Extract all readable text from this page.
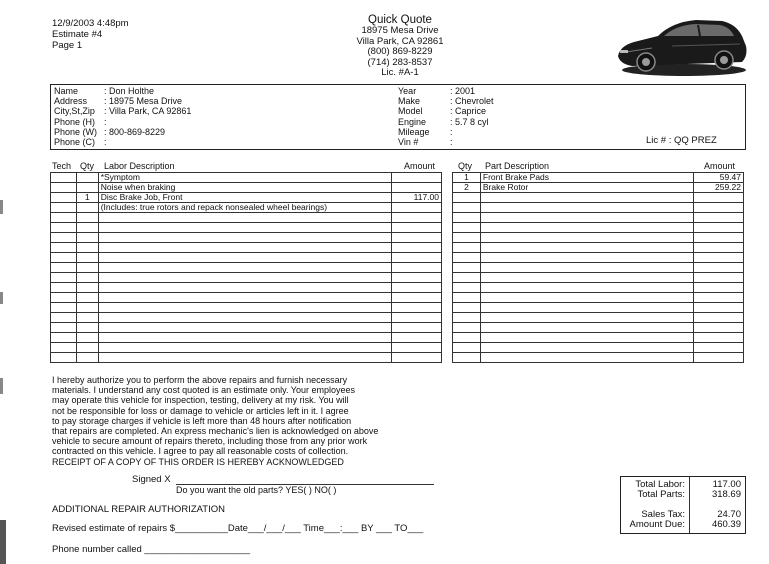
12/9/2003 4:48pm
Estimate #4
Page 1
Quick Quote
18975 Mesa Drive
Villa Park, CA 92861
(800) 869-8229
(714) 283-8537
Lic. #A-1
Name	: Don Holthe
Address : 18975 Mesa Drive
City,St,Zip : Villa Park, CA 92861
Phone (H) :
Phone (W) : 800-869-8229
Phone (C) :
Year	: 2001
Make	: Chevrolet
Model	: Caprice
Engine	: 5.7 8 cyl
Mileage :
Vin #	:	Lic # : QQ PREZ
Tech Qty Labor Description	Amount	Qty Part Description	Amount
		*Symptom	
		Noise when braking	
	1	Disc Brake Job, Front	117.00
		(Includes: true rotors and repack nonsealed wheel bearings)	

1	Front Brake Pads	59.47
2	Brake Rotor	259.22

I hereby authorize you to perform the above repairs and furnish necessary
materials. I understand any cost quoted is an estimate only. Your employees
may operate this vehicle for inspection, testing, delivery at my risk. You will
not be responsible for loss or damage to vehicle or articles left in it. I agree
to pay storage charges if vehicle is left more than 48 hours after notification
that repairs are completed. An express mechanic's lien is acknowledged on above
vehicle to secure amount of repairs thereto, including those from any prior work
contracted on this vehicle. I agree to pay all reasonable costs of collection.
RECEIPT OF A COPY OF THIS ORDER IS HEREBY ACKNOWLEDGED
Signed X
Do you want the old parts? YES( ) NO( )
ADDITIONAL REPAIR AUTHORIZATION
Revised estimate of repairs $__________Date___/___/___ Time___:___ BY ___ TO___
Phone number called ____________________
Total Labor:	117.00
Total Parts:	318.69
Sales Tax:	24.70
Amount Due:	460.39
